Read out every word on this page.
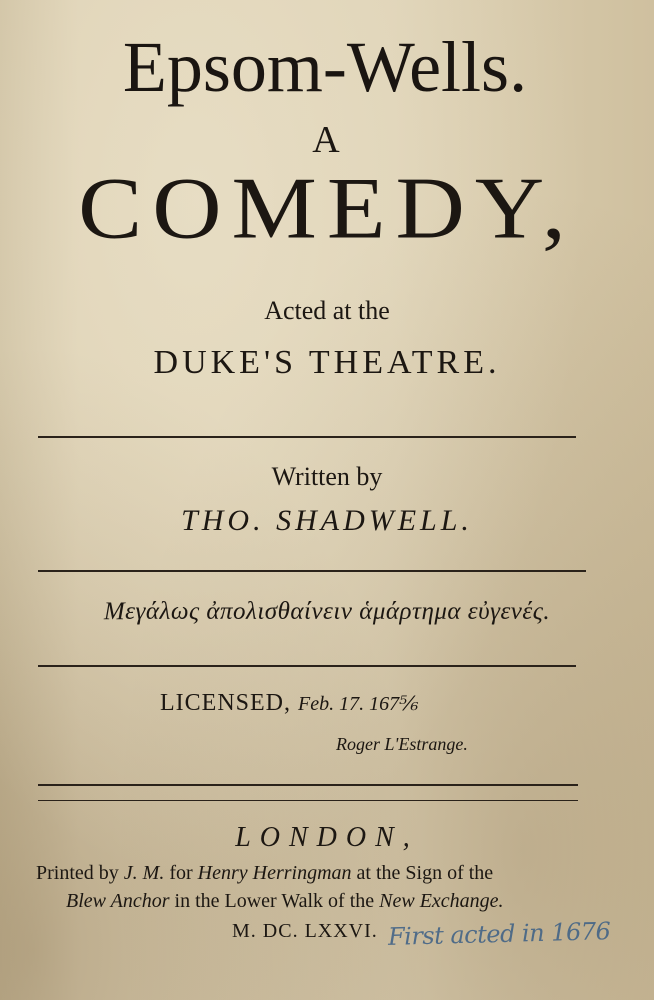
Epsom-Wells.
A
COMEDY,
Acted at the
DUKE'S THEATRE.
Written by
THO. SHADWELL.
Μεγάλως ἀπολισθαίνειν ἁμάρτημα εὐγενές.
LICENSED, Feb. 17. 167⅚
Roger L'Estrange.
LONDON,
Printed by J. M. for Henry Herringman at the Sign of the
Blew Anchor in the Lower Walk of the New Exchange.
M. DC. LXXVI. First acted in 1676
